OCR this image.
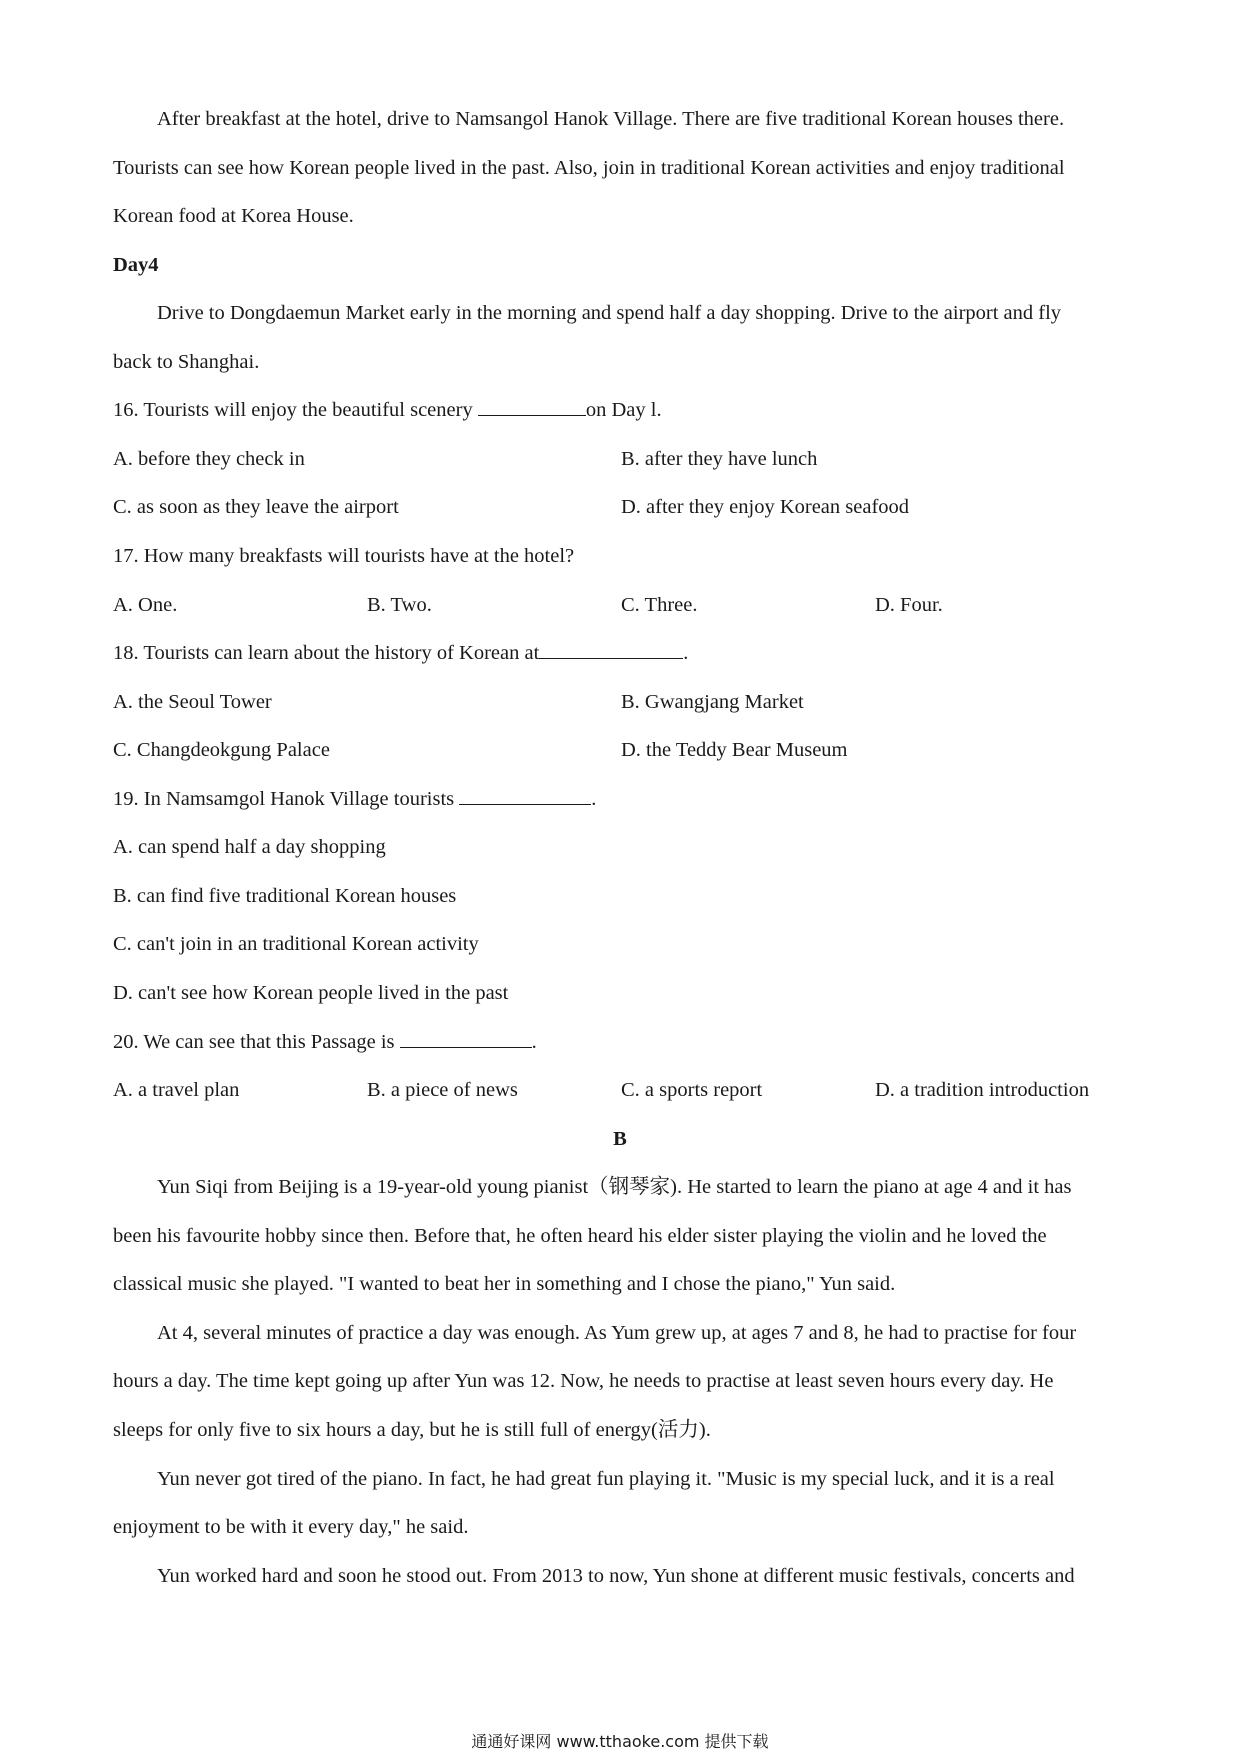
After breakfast at the hotel, drive to Namsangol Hanok Village. There are five traditional Korean houses there.
Tourists can see how Korean people lived in the past. Also, join in traditional Korean activities and enjoy traditional
Korean food at Korea House.
Day4
Drive to Dongdaemun Market early in the morning and spend half a day shopping. Drive to the airport and fly
back to Shanghai.
16. Tourists will enjoy the beautiful scenery	on Day l.
A. before they check in	B. after they have lunch
C. as soon as they leave the airport	D. after they enjoy Korean seafood
17. How many breakfasts will tourists have at the hotel?
A. One.	B. Two.	C. Three.	D. Four.
18. Tourists can learn about the history of Korean at	.
A. the Seoul Tower	B. Gwangjang Market
C. Changdeokgung Palace	D. the Teddy Bear Museum
19. In Namsamgol Hanok Village tourists	.
A. can spend half a day shopping
B. can find five traditional Korean houses
C. can't join in an traditional Korean activity
D. can't see how Korean people lived in the past
20. We can see that this Passage is	.
A. a travel plan	B. a piece of news	C. a sports report	D. a tradition introduction
B
Yun Siqi from Beijing is a 19-year-old young pianist（钢琴家). He started to learn the piano at age 4 and it has
been his favourite hobby since then. Before that, he often heard his elder sister playing the violin and he loved the
classical music she played. "I wanted to beat her in something and I chose the piano," Yun said.
At 4, several minutes of practice a day was enough. As Yum grew up, at ages 7 and 8, he had to practise for four
hours a day. The time kept going up after Yun was 12. Now, he needs to practise at least seven hours every day. He
sleeps for only five to six hours a day, but he is still full of energy(活力).
Yun never got tired of the piano. In fact, he had great fun playing it. "Music is my special luck, and it is a real
enjoyment to be with it every day," he said.
Yun worked hard and soon he stood out. From 2013 to now, Yun shone at different music festivals, concerts and
通通好课网 www.tthaoke.com 提供下载
